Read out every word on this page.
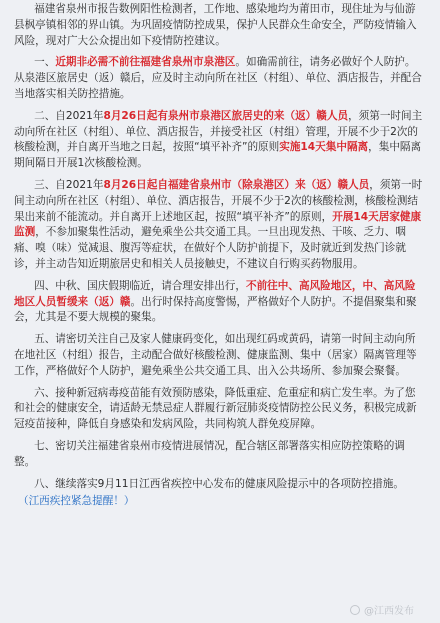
福建省泉州市报告数例阳性检测者，工作地、感染地均为莆田市，现住址为与仙游县枫亭镇相邻的界山镇。为巩固疫情防控成果，保护人民群众生命安全，严防疫情输入风险，现对广大公众提出如下疫情防控建议。

一、近期非必需不前往福建省泉州市泉港区。如确需前往，请务必做好个人防护。从泉港区旅居史（返）赣后，应及时主动向所在社区（村组）、单位、酒店报告，并配合当地落实相关防控措施。

二、自2021年8月26日起有泉州市泉港区旅居史的来（返）赣人员，须第一时间主动向所在社区（村组）、单位、酒店报告，并接受社区（村组）管理，开展不少于2次的核酸检测，并自离开当地之日起，按照“填平补齐”的原则实施14天集中隔离，集中隔离期间隔日开展1次核酸检测。

三、自2021年8月26日起自福建省泉州市（除泉港区）来（返）赣人员，须第一时间主动向所在社区（村组）、单位、酒店报告，开展不少于2次的核酸检测，核酸检测结果出来前不能流动。并自离开上述地区起，按照“填平补齐”的原则，开展14天居家健康监测，不参加聚集性活动，避免乘坐公共交通工具。一旦出现发热、干咳、乏力、咽痛、嗅（味）觉减退、腹泻等症状，在做好个人防护前提下，及时就近到发热门诊就诊，并主动告知近期旅居史和相关人员接触史，不建议自行购买药物服用。

四、中秋、国庆假期临近，请合理安排出行，不前往中、高风险地区，中、高风险地区人员暂缓来（返）赣。出行时保持高度警惕，严格做好个人防护。不提倡聚集和聚会，尤其是不要大规模的聚集。

五、请密切关注自己及家人健康码变化，如出现红码或黄码，请第一时间主动向所在地社区（村组）报告，主动配合做好核酸检测、健康监测、集中（居家）隔离管理等工作，严格做好个人防护，避免乘坐公共交通工具、出入公共场所、参加聚会聚餐。

六、接种新冠病毒疫苗能有效预防感染，降低重症、危重症和病亡发生率。为了您和社会的健康安全，请适龄无禁忌症人群履行新冠肺炎疫情防控公民义务，积极完成新冠疫苗接种，降低自身感染和发病风险，共同构筑人群免疫屏障。

七、密切关注福建省泉州市疫情进展情况，配合辖区部署落实相应防控策略的调整。

八、继续落实9月11日江西省疾控中心发布的健康风险提示中的各项防控措施。

（江西疾控紧急提醒！）
@江西发布
